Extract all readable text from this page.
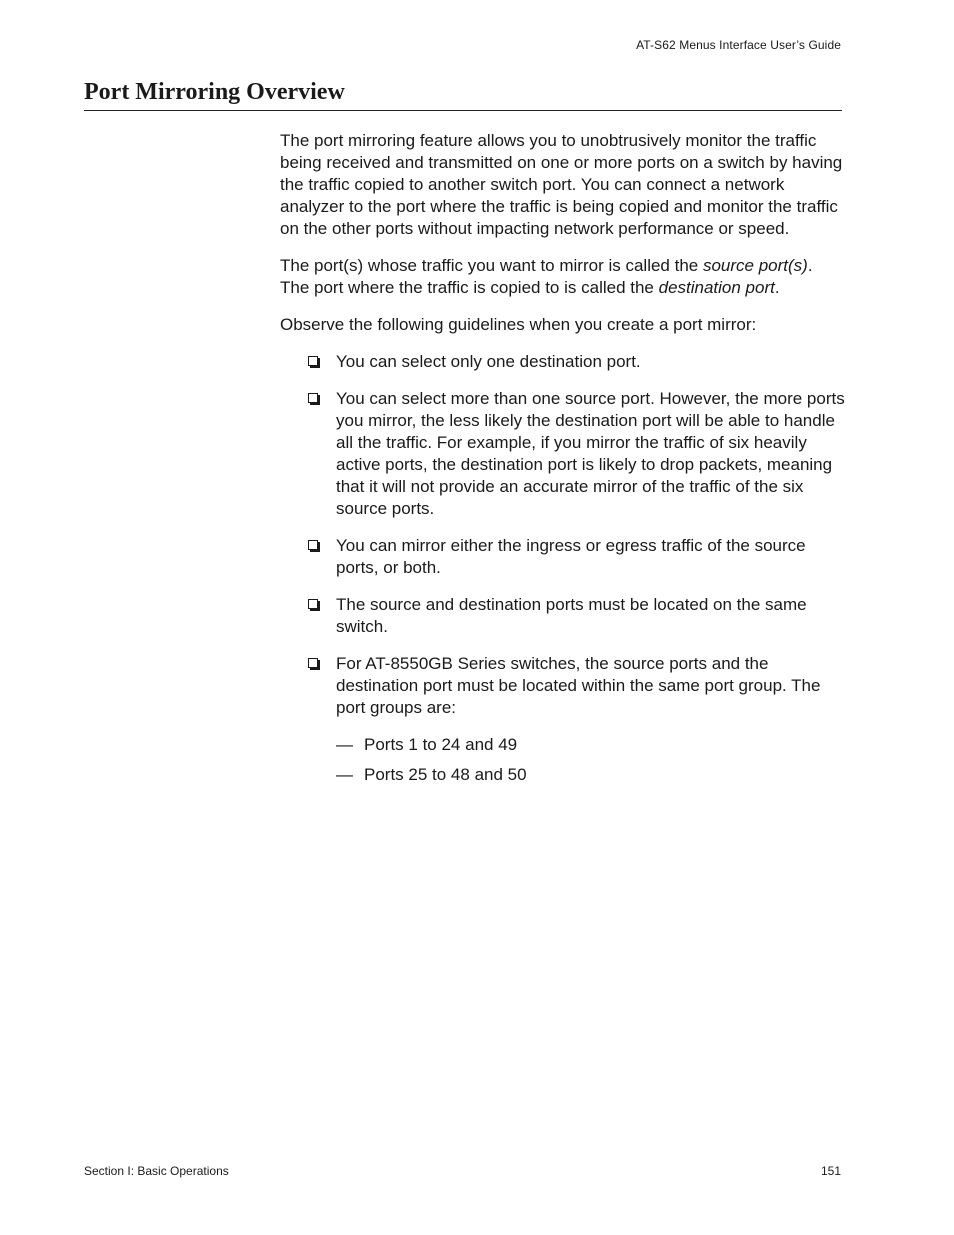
AT-S62 Menus Interface User’s Guide
Port Mirroring Overview

The port mirroring feature allows you to unobtrusively monitor the traffic being received and transmitted on one or more ports on a switch by having the traffic copied to another switch port. You can connect a network analyzer to the port where the traffic is being copied and monitor the traffic on the other ports without impacting network performance or speed.

The port(s) whose traffic you want to mirror is called the source port(s). The port where the traffic is copied to is called the destination port.

Observe the following guidelines when you create a port mirror:

You can select only one destination port.
You can select more than one source port. However, the more ports you mirror, the less likely the destination port will be able to handle all the traffic. For example, if you mirror the traffic of six heavily active ports, the destination port is likely to drop packets, meaning that it will not provide an accurate mirror of the traffic of the six source ports.
You can mirror either the ingress or egress traffic of the source ports, or both.
The source and destination ports must be located on the same switch.
For AT-8550GB Series switches, the source ports and the destination port must be located within the same port group. The port groups are:
— Ports 1 to 24 and 49
— Ports 25 to 48 and 50
Section I: Basic Operations	151
